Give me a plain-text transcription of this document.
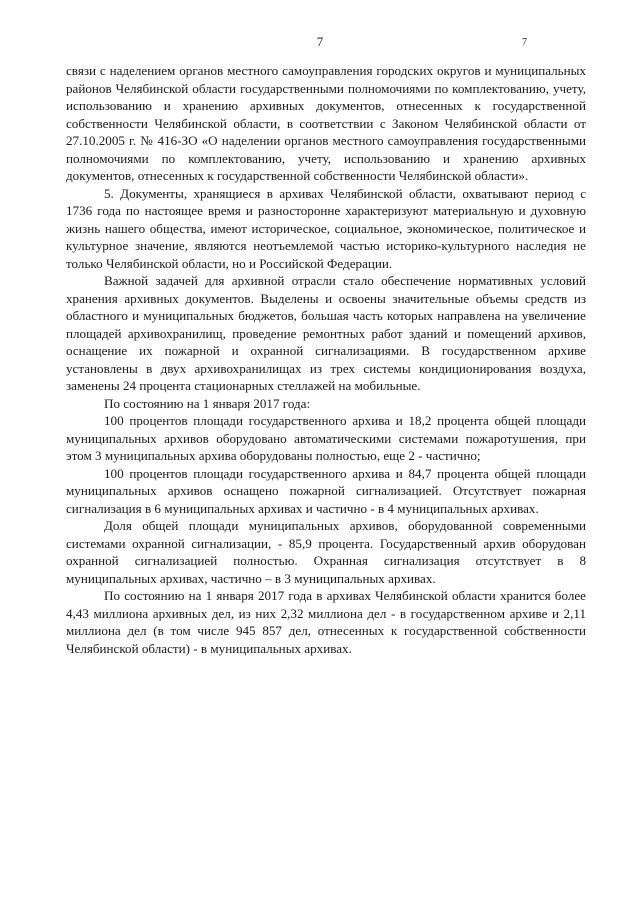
7	7

связи с наделением органов местного самоуправления городских округов и муниципальных районов Челябинской области государственными полномочиями по комплектованию, учету, использованию и хранению архивных документов, отнесенных к государственной собственности Челябинской области, в соответствии с Законом Челябинской области от 27.10.2005 г. № 416-ЗО «О наделении органов местного самоуправления государственными полномочиями по комплектованию, учету, использованию и хранению архивных документов, отнесенных к государственной собственности Челябинской области».

5. Документы, хранящиеся в архивах Челябинской области, охватывают период с 1736 года по настоящее время и разносторонне характеризуют материальную и духовную жизнь нашего общества, имеют историческое, социальное, экономическое, политическое и культурное значение, являются неотъемлемой частью историко-культурного наследия не только Челябинской области, но и Российской Федерации.

Важной задачей для архивной отрасли стало обеспечение нормативных условий хранения архивных документов. Выделены и освоены значительные объемы средств из областного и муниципальных бюджетов, большая часть которых направлена на увеличение площадей архивохранилищ, проведение ремонтных работ зданий и помещений архивов, оснащение их пожарной и охранной сигнализациями. В государственном архиве установлены в двух архивохранилищах из трех системы кондиционирования воздуха, заменены 24 процента стационарных стеллажей на мобильные.

По состоянию на 1 января 2017 года:

100 процентов площади государственного архива и 18,2 процента общей площади муниципальных архивов оборудовано автоматическими системами пожаротушения, при этом 3 муниципальных архива оборудованы полностью, еще 2 - частично;

100 процентов площади государственного архива и 84,7 процента общей площади муниципальных архивов оснащено пожарной сигнализацией. Отсутствует пожарная сигнализация в 6 муниципальных архивах и частично - в 4 муниципальных архивах.

Доля общей площади муниципальных архивов, оборудованной современными системами охранной сигнализации, - 85,9 процента. Государственный архив оборудован охранной сигнализацией полностью. Охранная сигнализация отсутствует в 8 муниципальных архивах, частично – в 3 муниципальных архивах.

По состоянию на 1 января 2017 года в архивах Челябинской области хранится более 4,43 миллиона архивных дел, из них 2,32 миллиона дел - в государственном архиве и 2,11 миллиона дел (в том числе 945 857 дел, отнесенных к государственной собственности Челябинской области) - в муниципальных архивах.
